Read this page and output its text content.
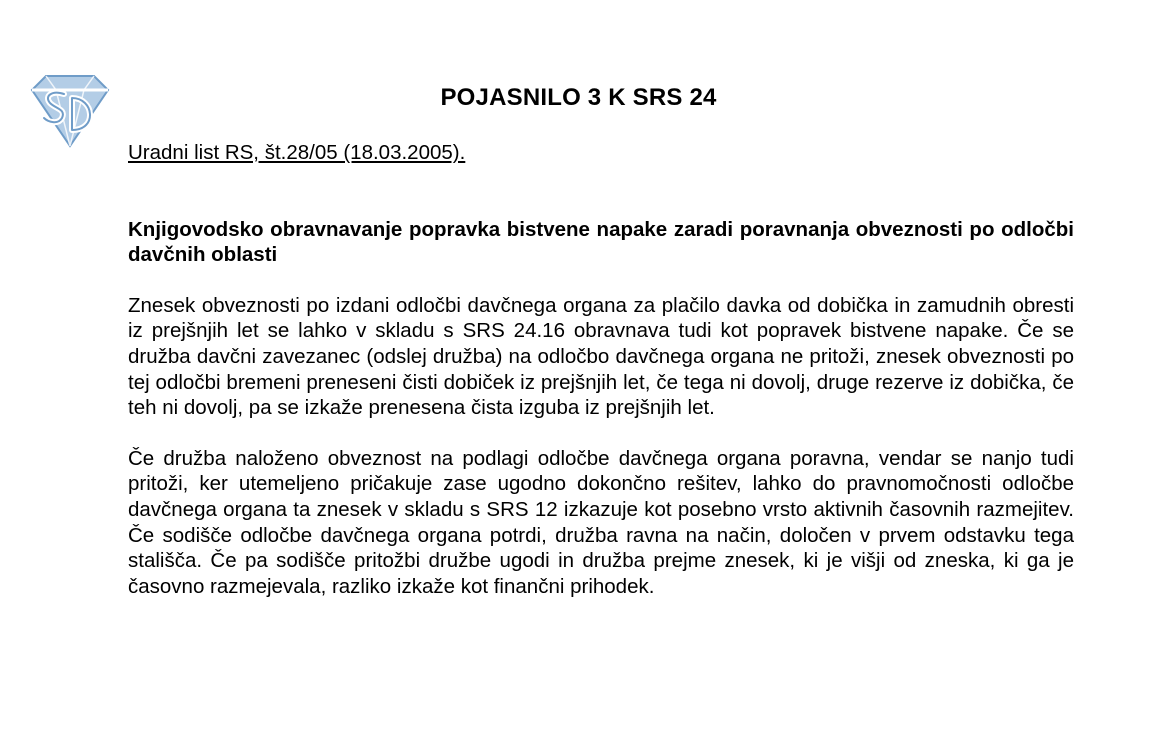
POJASNILO 3 K SRS 24

Uradni list RS, št.28/05 (18.03.2005).

Knjigovodsko obravnavanje popravka bistvene napake zaradi poravnanja obveznosti po odločbi davčnih oblasti

Znesek obveznosti po izdani odločbi davčnega organa za plačilo davka od dobička in zamudnih obresti iz prejšnjih let se lahko v skladu s SRS 24.16 obravnava tudi kot popravek bistvene napake. Če se družba davčni zavezanec (odslej družba) na odločbo davčnega organa ne pritoži, znesek obveznosti po tej odločbi bremeni preneseni čisti dobiček iz prejšnjih let, če tega ni dovolj, druge rezerve iz dobička, če teh ni dovolj, pa se izkaže prenesena čista izguba iz prejšnjih let.

Če družba naloženo obveznost na podlagi odločbe davčnega organa poravna, vendar se nanjo tudi pritoži, ker utemeljeno pričakuje zase ugodno dokončno rešitev, lahko do pravnomočnosti odločbe davčnega organa ta znesek v skladu s SRS 12 izkazuje kot posebno vrsto aktivnih časovnih razmejitev. Če sodišče odločbe davčnega organa potrdi, družba ravna na način, določen v prvem odstavku tega stališča. Če pa sodišče pritožbi družbe ugodi in družba prejme znesek, ki je višji od zneska, ki ga je časovno razmejevala, razliko izkaže kot finančni prihodek.
